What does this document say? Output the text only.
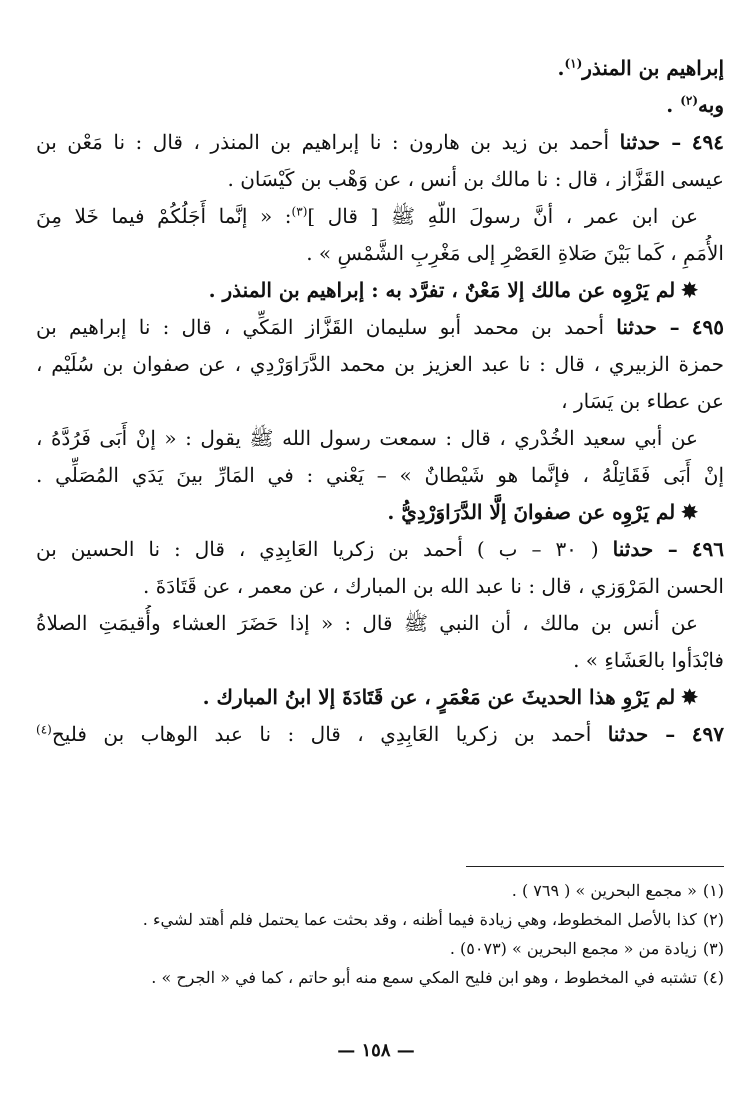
إبراهيم بن المنذر$^{(١)}$.
وبه$^{(٢)}$ .
٤٩٤ – حدثنا أحمد بن زيد بن هارون : نا إبراهيم بن المنذر ، قال : نا مَعْن بن
عيسى القَزَّاز ، قال : نا مالك بن أنس ، عن وَهْب بن كَيْسَان .
عن ابن عمر ، أنَّ رسولَ اللّهِ ﷺ [ قال ]$^{(٣)}$: « إنَّما أَجَلُكُمْ فيما خَلا مِنَ
الأُمَمِ ، كَما بَيْنَ صَلاةِ العَصْرِ إلى مَغْرِبِ الشَّمْسِ » .
✸لم يَرْوِه عن مالك إلا مَعْنٌ ، تفرَّد به : إبراهيم بن المنذر .
٤٩٥ – حدثنا أحمد بن محمد أبو سليمان القَزَّاز المَكِّي ، قال : نا إبراهيم بن
حمزة الزبيري ، قال : نا عبد العزيز بن محمد الدَّرَاوَرْدِي ، عن صفوان بن سُلَيْم ،
عن عطاء بن يَسَار ،
عن أبي سعيد الخُدْري ، قال : سمعت رسول الله ﷺ يقول : « إنْ أَبَى فَرُدَّهُ ،
إنْ أَبَى فَقَاتِلْهُ ، فإنَّما هو شَيْطانٌ » – يَعْني : في المَارِّ بينَ يَدَي المُصَلِّي .
✸لم يَرْوِه عن صفوانَ إلَّا الدَّرَاوَرْدِيُّ .
٤٩٦ – حدثنا ( ٣٠ – ب ) أحمد بن زكريا العَابِدِي ، قال : نا الحسين بن
الحسن المَرْوَزي ، قال : نا عبد الله بن المبارك ، عن معمر ، عن قَتَادَةَ .
عن أنس بن مالك ، أن النبي ﷺ قال : « إذا حَضَرَ العشاء وأُقيمَتِ الصلاةُ
فابْدَأوا بالعَشَاءِ » .
✸لم يَرْوِ هذا الحديثَ عن مَعْمَرٍ ، عن قَتَادَةَ إلا ابنُ المبارك .
٤٩٧ – حدثنا أحمد بن زكريا العَابِدِي ، قال : نا عبد الوهاب بن فليح$^{(٤)}$
(١)« مجمع البحرين » ( ٧٦٩ ) .
(٢)كذا بالأصل المخطوط، وهي زيادة فيما أظنه ، وقد بحثت عما يحتمل فلم أهتد لشيء .
(٣)زيادة من « مجمع البحرين » (٥٠٧٣) .
(٤)تشتبه في المخطوط ، وهو ابن فليح المكي سمع منه أبو حاتم ، كما في « الجرح » .
— ١٥٨ —
